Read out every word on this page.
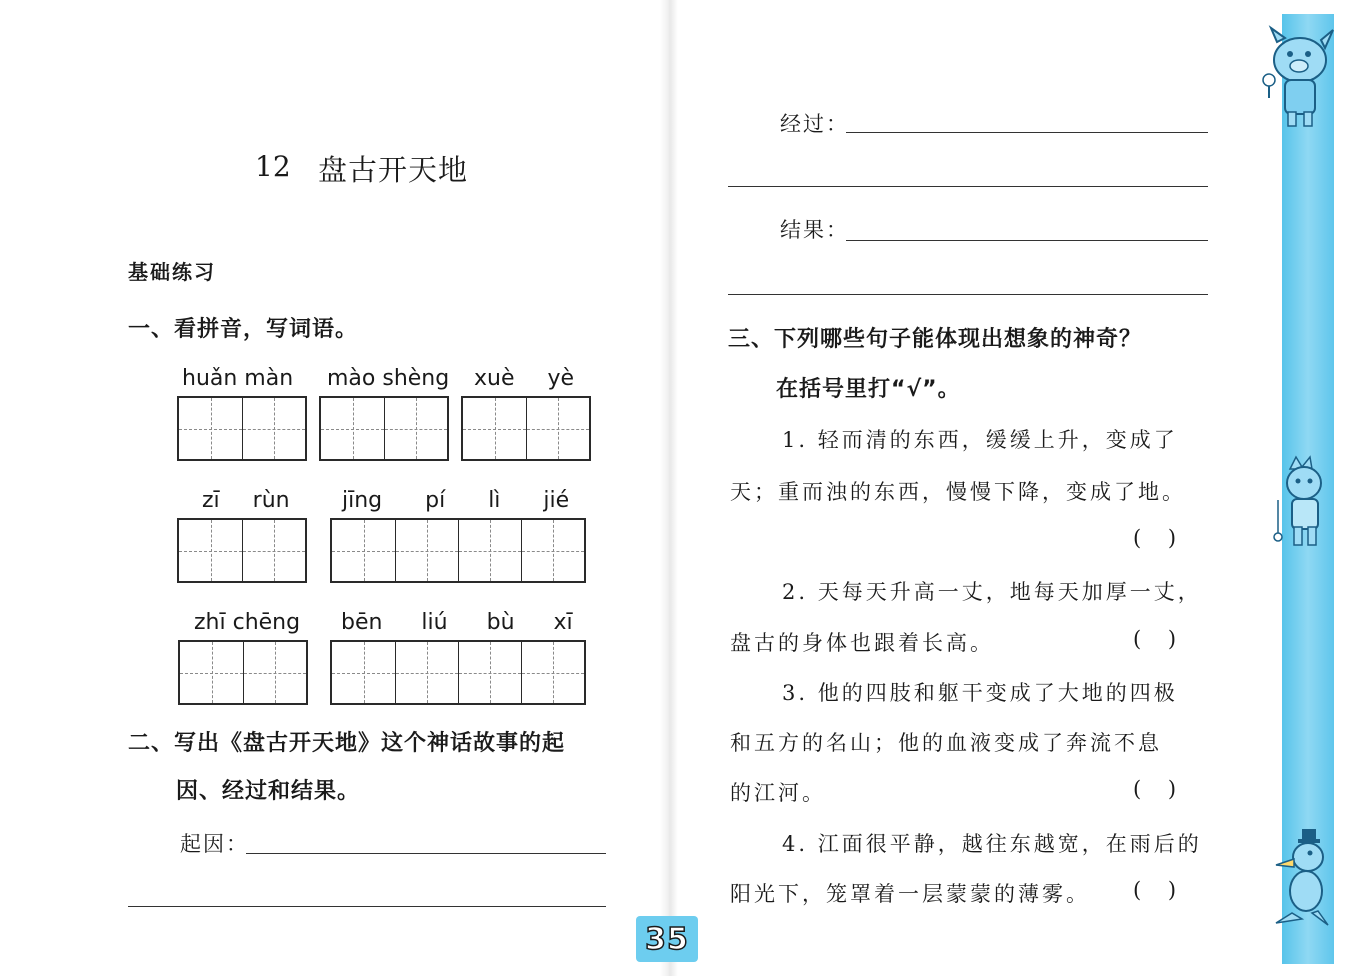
12 盘古开天地
基础练习
一、看拼音，写词语。
huǎn màn mào shèng xuè yè
zī rùn jīng pí lì jié
zhī chēng bēn liú bù xī
二、写出《盘古开天地》这个神话故事的起
因、经过和结果。
起因：
经过：
结果：
三、下列哪些句子能体现出想象的神奇？
在括号里打“√”。
1. 轻而清的东西，缓缓上升，变成了
天；重而浊的东西，慢慢下降，变成了地。
(    )
2. 天每天升高一丈，地每天加厚一丈，
盘古的身体也跟着长高。	(    )
3. 他的四肢和躯干变成了大地的四极
和五方的名山；他的血液变成了奔流不息
的江河。	(    )
4. 江面很平静，越往东越宽，在雨后的
阳光下，笼罩着一层蒙蒙的薄雾。 (    )
35
